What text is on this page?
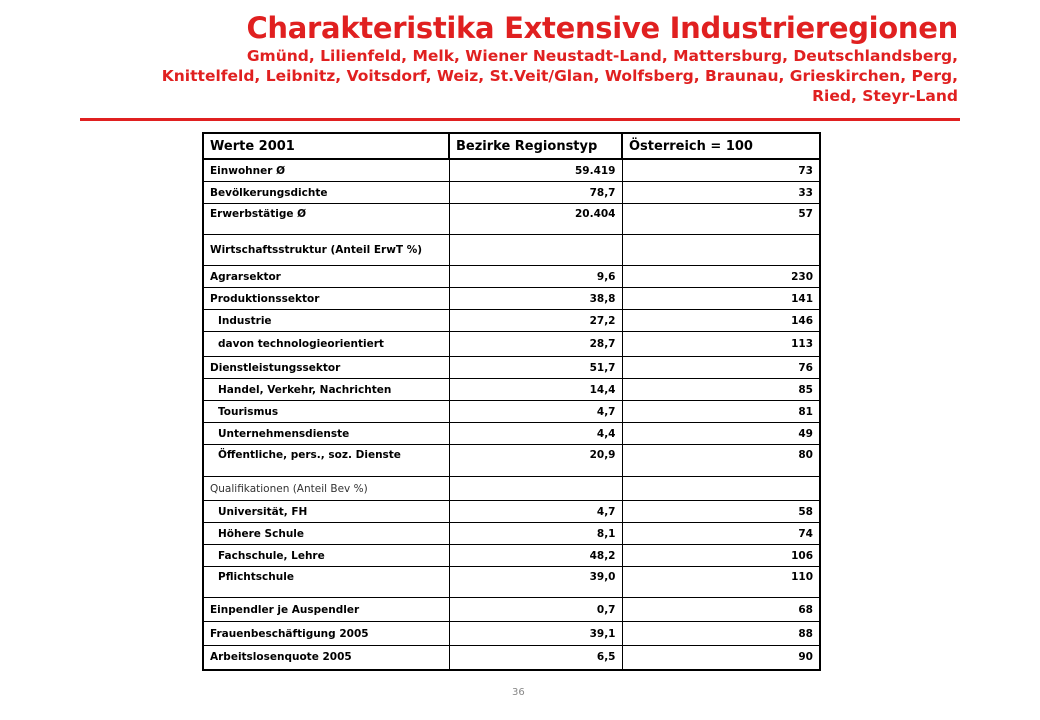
Charakteristika Extensive Industrieregionen
Gmünd, Lilienfeld, Melk, Wiener Neustadt-Land, Mattersburg, Deutschlandsberg,
Knittelfeld, Leibnitz, Voitsdorf, Weiz, St.Veit/Glan, Wolfsberg, Braunau, Grieskirchen, Perg,
Ried, Steyr-Land
Werte 2001	Bezirke Regionstyp	Österreich = 100
Einwohner Ø	59.419	73
Bevölkerungsdichte	78,7	33
Erwerbstätige Ø	20.404	57
Wirtschaftsstruktur (Anteil ErwT %)		
Agrarsektor	9,6	230
Produktionssektor	38,8	141
Industrie	27,2	146
davon technologieorientiert	28,7	113
Dienstleistungssektor	51,7	76
Handel, Verkehr, Nachrichten	14,4	85
Tourismus	4,7	81
Unternehmensdienste	4,4	49
Öffentliche, pers., soz. Dienste	20,9	80
Qualifikationen (Anteil Bev %)		
Universität, FH	4,7	58
Höhere Schule	8,1	74
Fachschule, Lehre	48,2	106
Pflichtschule	39,0	110
Einpendler je Auspendler	0,7	68
Frauenbeschäftigung 2005	39,1	88
Arbeitslosenquote 2005	6,5	90
36
